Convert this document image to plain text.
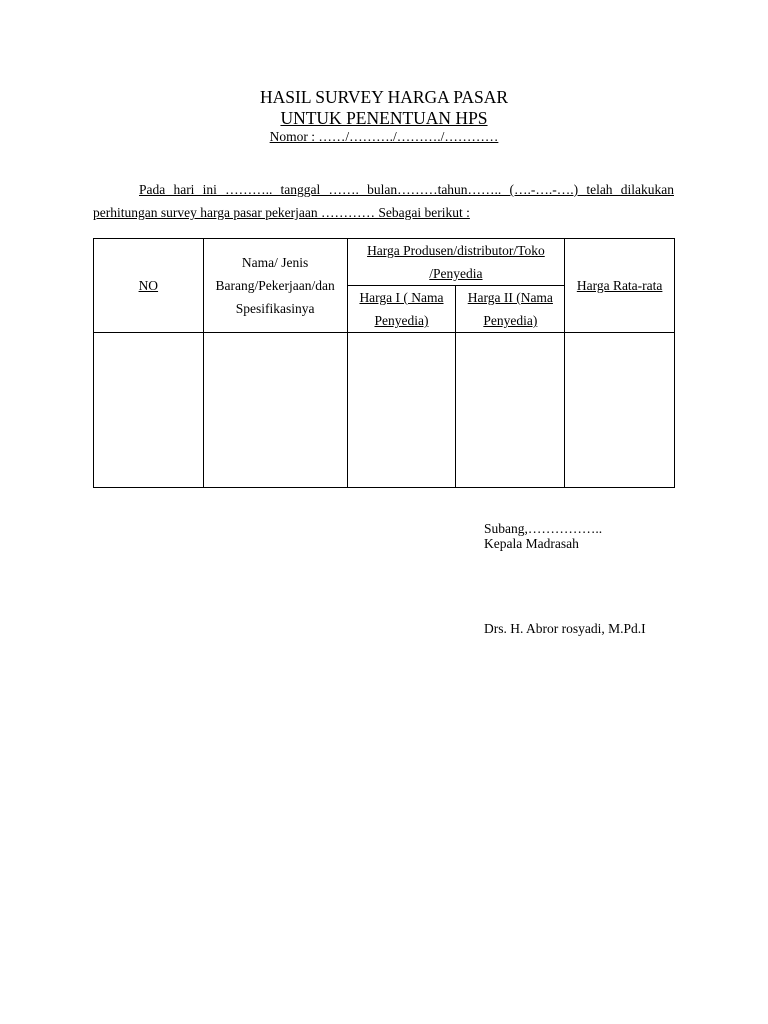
HASIL SURVEY HARGA PASAR
UNTUK PENENTUAN HPS
Nomor : ……/………./………./…………
Pada hari ini ……….. tanggal ……. bulan………tahun…….. (….-….-….) telah dilakukan perhitungan survey harga pasar pekerjaan ………… Sebagai berikut :
NO	Nama/ Jenis Barang/Pekerjaan/dan Spesifikasinya	Harga Produsen/distributor/Toko /Penyedia		Harga Rata-rata
		Harga I ( Nama Penyedia)	Harga II (Nama Penyedia)	

Subang,……………..
Kepala Madrasah
Drs. H. Abror rosyadi, M.Pd.I
